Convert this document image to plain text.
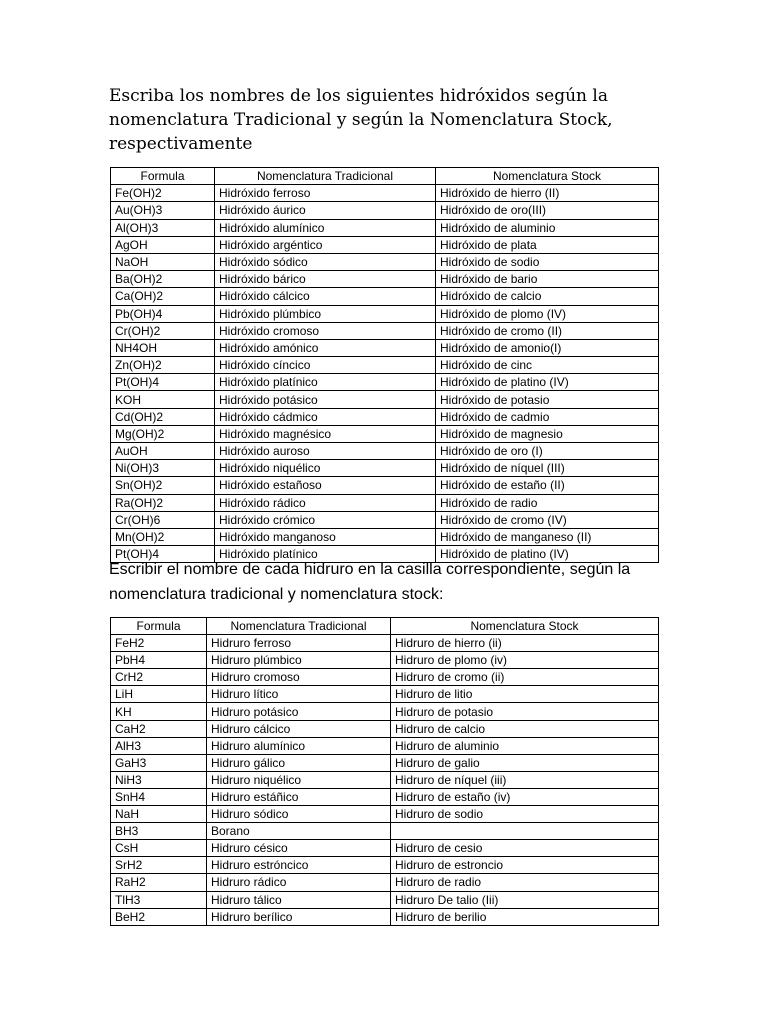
Escriba los nombres de los siguientes hidróxidos según la nomenclatura Tradicional y según la Nomenclatura Stock, respectivamente

Formula	Nomenclatura Tradicional	Nomenclatura Stock
Fe(OH)2	Hidróxido ferroso	Hidróxido de hierro (II)
Au(OH)3	Hidróxido áurico	Hidróxido de oro(III)
Al(OH)3	Hidróxido alumínico	Hidróxido de aluminio
AgOH	Hidróxido argéntico	Hidróxido de plata
NaOH	Hidróxido sódico	Hidróxido de sodio
Ba(OH)2	Hidróxido bárico	Hidróxido de bario
Ca(OH)2	Hidróxido cálcico	Hidróxido de calcio
Pb(OH)4	Hidróxido plúmbico	Hidróxido de plomo (IV)
Cr(OH)2	Hidróxido cromoso	Hidróxido de cromo (II)
NH4OH	Hidróxido amónico	Hidróxido de amonio(I)
Zn(OH)2	Hidróxido cíncico	Hidróxido de cinc
Pt(OH)4	Hidróxido platínico	Hidróxido de platino (IV)
KOH	Hidróxido potásico	Hidróxido de potasio
Cd(OH)2	Hidróxido cádmico	Hidróxido de cadmio
Mg(OH)2	Hidróxido magnésico	Hidróxido de magnesio
AuOH	Hidróxido auroso	Hidróxido de oro (I)
Ni(OH)3	Hidróxido niquélico	Hidróxido de níquel (III)
Sn(OH)2	Hidróxido estañoso	Hidróxido de estaño (II)
Ra(OH)2	Hidróxido rádico	Hidróxido de radio
Cr(OH)6	Hidróxido crómico	Hidróxido de cromo (IV)
Mn(OH)2	Hidróxido manganoso	Hidróxido de manganeso (II)
Pt(OH)4	Hidróxido platínico	Hidróxido de platino (IV)

Escribir el nombre de cada hidruro en la casilla correspondiente, según la nomenclatura tradicional y nomenclatura stock:

Formula	Nomenclatura Tradicional	Nomenclatura Stock
FeH2	Hidruro ferroso	Hidruro de hierro (ii)
PbH4	Hidruro plúmbico	Hidruro de plomo (iv)
CrH2	Hidruro cromoso	Hidruro de cromo (ii)
LiH	Hidruro lítico	Hidruro de litio
KH	Hidruro potásico	Hidruro de potasio
CaH2	Hidruro cálcico	Hidruro de calcio
AlH3	Hidruro alumínico	Hidruro de aluminio
GaH3	Hidruro gálico	Hidruro de galio
NiH3	Hidruro niquélico	Hidruro de níquel (iii)
SnH4	Hidruro estáñico	Hidruro de estaño (iv)
NaH	Hidruro sódico	Hidruro de sodio
BH3	Borano	
CsH	Hidruro césico	Hidruro de cesio
SrH2	Hidruro estróncico	Hidruro de estroncio
RaH2	Hidruro rádico	Hidruro de radio
TlH3	Hidruro tálico	Hidruro De talio (Iii)
BeH2	Hidruro berílico	Hidruro de berilio
